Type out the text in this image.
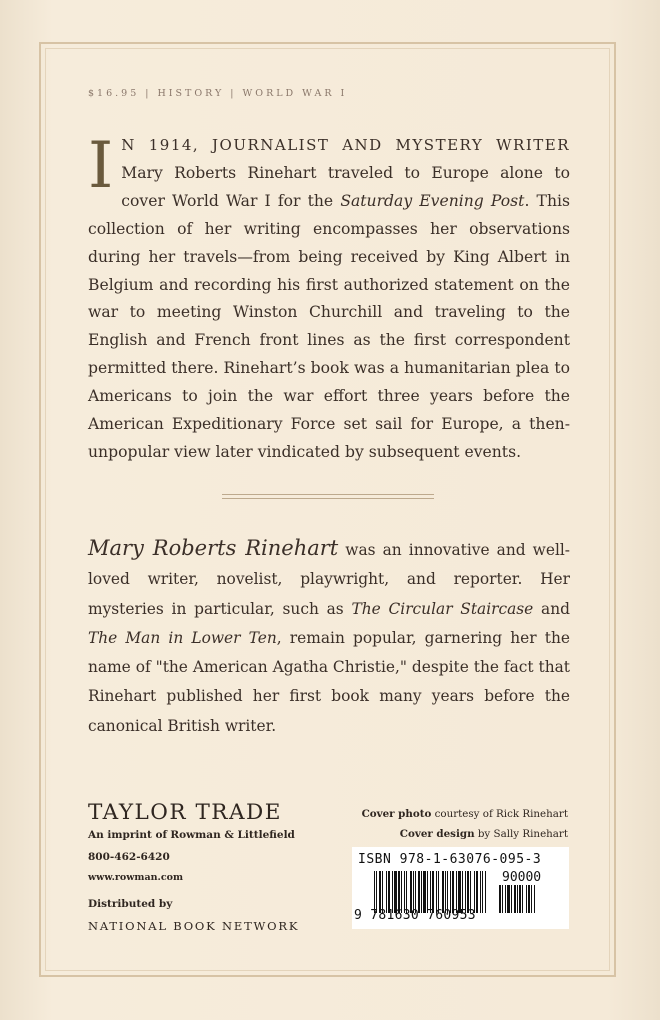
$16.95 | HISTORY | WORLD WAR I
I N 1914, JOURNALIST AND MYSTERY WRITER Mary Roberts Rinehart traveled to Europe alone to cover World War I for the Saturday Evening Post. This collection of her writing encompasses her observations during her travels—from being received by King Albert in Belgium and recording his first authorized statement on the war to meeting Winston Churchill and traveling to the English and French front lines as the first correspondent permitted there. Rinehart’s book was a humanitarian plea to Americans to join the war effort three years before the American Expeditionary Force set sail for Europe, a then-unpopular view later vindicated by subsequent events.
Mary Roberts Rinehart was an innovative and well-loved writer, novelist, playwright, and reporter. Her mysteries in particular, such as The Circular Staircase and The Man in Lower Ten, remain popular, garnering her the name of "the American Agatha Christie," despite the fact that Rinehart published her first book many years before the canonical British writer.
TAYLOR TRADE
An imprint of Rowman & Littlefield
800-462-6420
www.rowman.com
Distributed by
NATIONAL BOOK NETWORK
Cover photo courtesy of Rick Rinehart
Cover design by Sally Rinehart
ISBN 978-1-63076-095-3
90000
9 781630 760953
